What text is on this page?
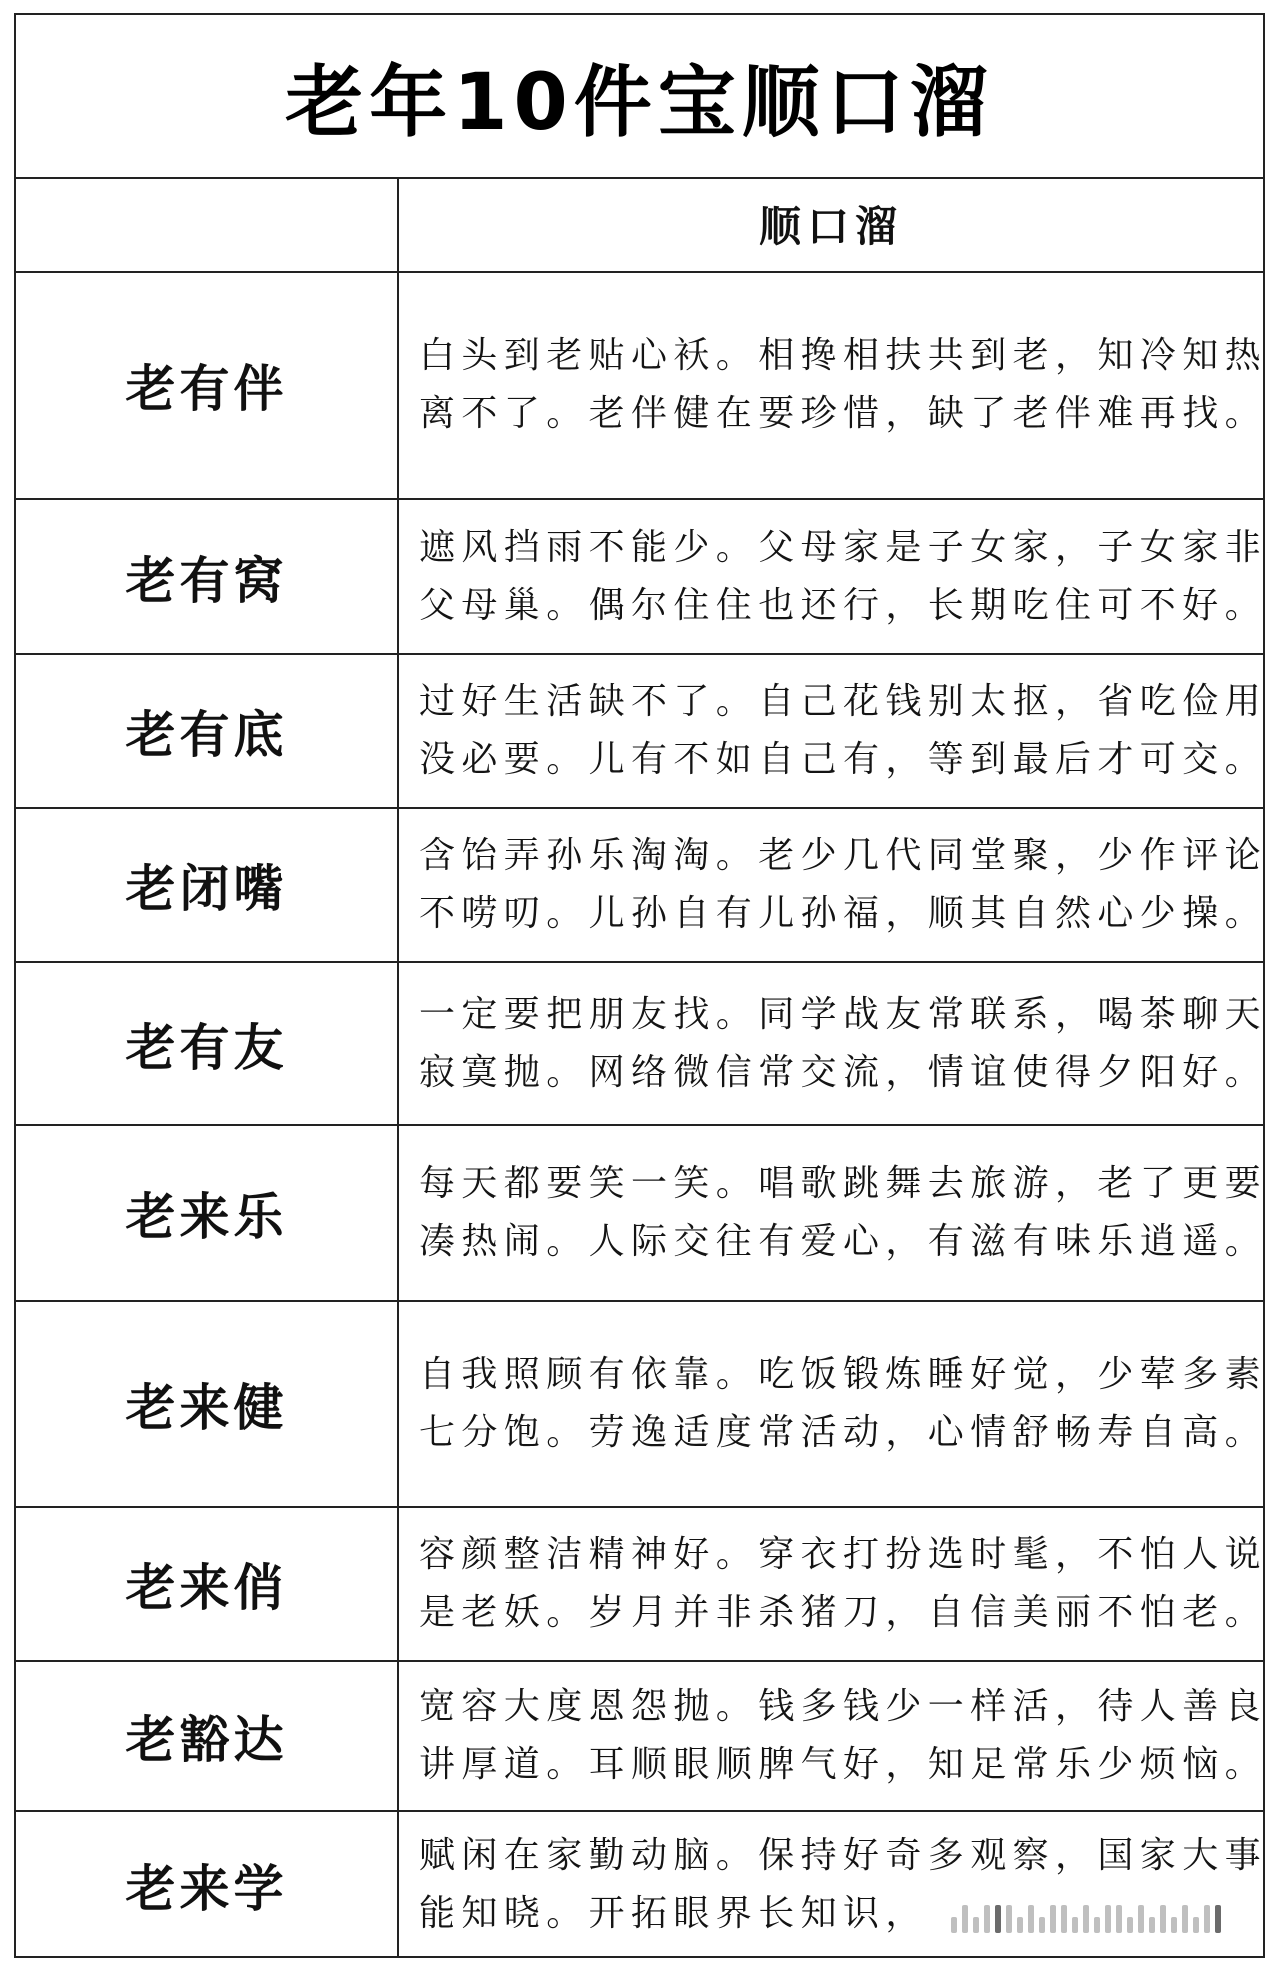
老年10件宝顺口溜
顺口溜
老有伴
白头到老贴心袄。相搀相扶共到老，知冷知热
离不了。老伴健在要珍惜，缺了老伴难再找。
老有窝
遮风挡雨不能少。父母家是子女家，子女家非
父母巢。偶尔住住也还行，长期吃住可不好。
老有底
过好生活缺不了。自己花钱别太抠，省吃俭用
没必要。儿有不如自己有，等到最后才可交。
老闭嘴
含饴弄孙乐淘淘。老少几代同堂聚，少作评论
不唠叨。儿孙自有儿孙福，顺其自然心少操。
老有友
一定要把朋友找。同学战友常联系，喝茶聊天
寂寞抛。网络微信常交流，情谊使得夕阳好。
老来乐
每天都要笑一笑。唱歌跳舞去旅游，老了更要
凑热闹。人际交往有爱心，有滋有味乐逍遥。
老来健
自我照顾有依靠。吃饭锻炼睡好觉，少荤多素
七分饱。劳逸适度常活动，心情舒畅寿自高。
老来俏
容颜整洁精神好。穿衣打扮选时髦，不怕人说
是老妖。岁月并非杀猪刀，自信美丽不怕老。
老豁达
宽容大度恩怨抛。钱多钱少一样活，待人善良
讲厚道。耳顺眼顺脾气好，知足常乐少烦恼。
老来学
赋闲在家勤动脑。保持好奇多观察，国家大事
能知晓。开拓眼界长知识，
